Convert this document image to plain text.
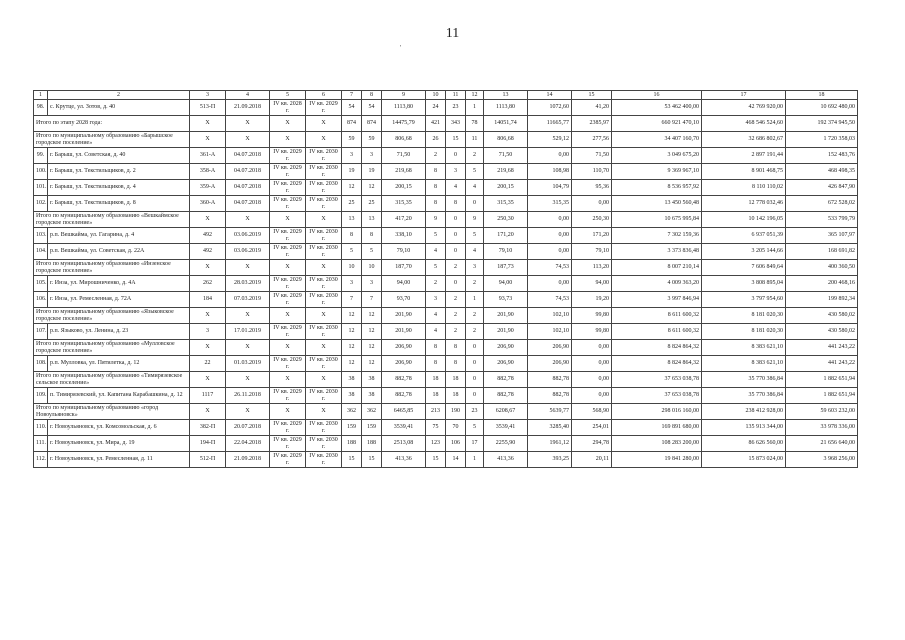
11
'
1	2	3	4	5	6	7	8	9	10	11	12	13	14	15	16	17	18
98.	с. Крутце, ул. Зотов, д. 40	513-П	21.09.2018	IV кв. 2028 г.	IV кв. 2029 г.	54	54	1113,80	24	23	1	1113,80	1072,60	41,20	53 462 400,00	42 769 920,00	10 692 480,00
Итого по этапу 2028 года:		X	X	X	X	874	874	14475,79	421	343	78	14051,74	11665,77	2385,97	660 921 470,10	468 546 524,60	192 374 945,50
Итого по муниципальному образованию «Барышское городское поселение»		X	X	X	X	59	59	806,68	26	15	11	806,68	529,12	277,56	34 407 160,70	32 686 802,67	1 720 358,03
99.	г. Барыш, ул. Советская, д. 40	361-А	04.07.2018	IV кв. 2029 г.	IV кв. 2030 г.	3	3	71,50	2	0	2	71,50	0,00	71,50	3 049 675,20	2 897 191,44	152 483,76
100.	г. Барыш, ул. Текстильщиков, д. 2	358-А	04.07.2018	IV кв. 2029 г.	IV кв. 2030 г.	19	19	219,68	8	3	5	219,68	108,98	110,70	9 369 967,10	8 901 468,75	468 498,35
101.	г. Барыш, ул. Текстильщиков, д. 4	359-А	04.07.2018	IV кв. 2029 г.	IV кв. 2030 г.	12	12	200,15	8	4	4	200,15	104,79	95,36	8 536 957,92	8 110 110,02	426 847,90
102.	г. Барыш, ул. Текстильщиков, д. 8	360-А	04.07.2018	IV кв. 2029 г.	IV кв. 2030 г.	25	25	315,35	8	8	0	315,35	315,35	0,00	13 450 560,48	12 778 032,46	672 528,02
Итого по муниципальному образованию «Вешкаймское городское поселение»		X	X	X	X	13	13	417,20	9	0	9	250,30	0,00	250,30	10 675 995,84	10 142 196,05	533 799,79
103.	р.п. Вешкайма, ул. Гагарина, д. 4	492	03.06.2019	IV кв. 2029 г.	IV кв. 2030 г.	8	8	338,10	5	0	5	171,20	0,00	171,20	7 302 159,36	6 937 051,39	365 107,97
104.	р.п. Вешкайма, ул. Советская, д. 22А	492	03.06.2019	IV кв. 2029 г.	IV кв. 2030 г.	5	5	79,10	4	0	4	79,10	0,00	79,10	3 373 836,48	3 205 144,66	168 691,82
Итого по муниципальному образованию «Инзенское городское поселение»		X	X	X	X	10	10	187,70	5	2	3	187,73	74,53	113,20	8 007 210,14	7 606 849,64	400 360,50
105.	г. Инза, ул. Мирошниченко, д. 4А	262	28.03.2019	IV кв. 2029 г.	IV кв. 2030 г.	3	3	94,00	2	0	2	94,00	0,00	94,00	4 009 363,20	3 808 895,04	200 468,16
106.	г. Инза, ул. Ремесленная, д. 72А	184	07.03.2019	IV кв. 2029 г.	IV кв. 2030 г.	7	7	93,70	3	2	1	93,73	74,53	19,20	3 997 846,94	3 797 954,60	199 892,34
Итого по муниципальному образованию «Языковское городское поселение»		X	X	X	X	12	12	201,90	4	2	2	201,90	102,10	99,80	8 611 600,32	8 181 020,30	430 580,02
107.	р.п. Языково, ул. Ленина, д. 23	3	17.01.2019	IV кв. 2029 г.	IV кв. 2030 г.	12	12	201,90	4	2	2	201,90	102,10	99,80	8 611 600,32	8 181 020,30	430 580,02
Итого по муниципальному образованию «Мулловское городское поселение»		X	X	X	X	12	12	206,90	8	8	0	206,90	206,90	0,00	8 824 864,32	8 383 621,10	441 243,22
108.	р.п. Мулловка, ул. Пятилетка, д. 12	22	01.03.2019	IV кв. 2029 г.	IV кв. 2030 г.	12	12	206,90	8	8	0	206,90	206,90	0,00	8 824 864,32	8 383 621,10	441 243,22
Итого по муниципальному образованию «Тимирязевское сельское поселение»		X	X	X	X	38	38	882,78	18	18	0	882,78	882,78	0,00	37 653 038,78	35 770 386,84	1 882 651,94
109.	п. Тимирязевский, ул. Капитана Карабашкина, д. 12	1117	26.11.2018	IV кв. 2029 г.	IV кв. 2030 г.	38	38	882,78	18	18	0	882,78	882,78	0,00	37 653 038,78	35 770 386,84	1 882 651,94
Итого по муниципальному образованию «город Новоульяновск»		X	X	X	X	362	362	6465,85	213	190	23	6208,67	5639,77	568,90	298 016 160,00	238 412 928,00	59 603 232,00
110.	г. Новоульяновск, ул. Комсомольская, д. 6	382-П	20.07.2018	IV кв. 2029 г.	IV кв. 2030 г.	159	159	3539,41	75	70	5	3539,41	3285,40	254,01	169 891 680,00	135 913 344,00	33 978 336,00
111.	г. Новоульяновск, ул. Мира, д. 19	194-П	22.04.2018	IV кв. 2029 г.	IV кв. 2030 г.	188	188	2513,08	123	106	17	2255,90	1961,12	294,78	108 283 200,00	86 626 560,00	21 656 640,00
112.	г. Новоульяновск, ул. Ремесленная, д. 11	512-П	21.09.2018	IV кв. 2029 г.	IV кв. 2030 г.	15	15	413,36	15	14	1	413,36	393,25	20,11	19 841 280,00	15 873 024,00	3 968 256,00
